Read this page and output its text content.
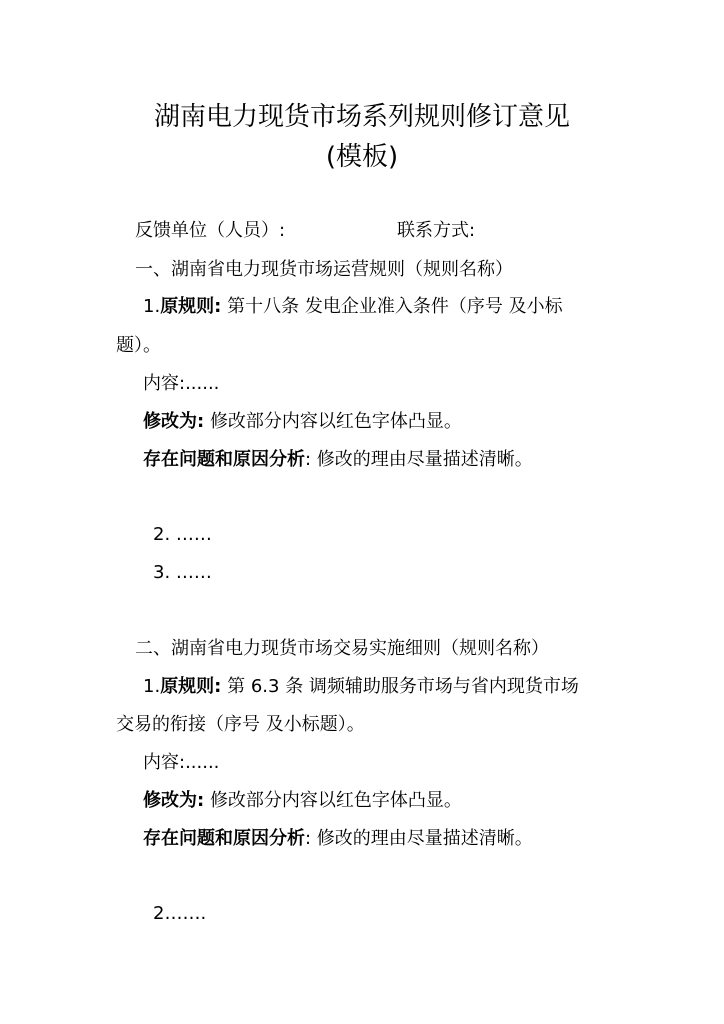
湖南电力现货市场系列规则修订意见
(模板)
反馈单位（人员）:	联系方式:
一、湖南省电力现货市场运营规则（规则名称）
1.原规则: 第十八条 发电企业准入条件（序号 及小标
题）。
内容:......
修改为: 修改部分内容以红色字体凸显。
存在问题和原因分析: 修改的理由尽量描述清晰。
2. ……
3. ……
二、湖南省电力现货市场交易实施细则（规则名称）
1.原规则: 第 6.3 条 调频辅助服务市场与省内现货市场
交易的衔接（序号 及小标题）。
内容:......
修改为: 修改部分内容以红色字体凸显。
存在问题和原因分析: 修改的理由尽量描述清晰。
2…….
